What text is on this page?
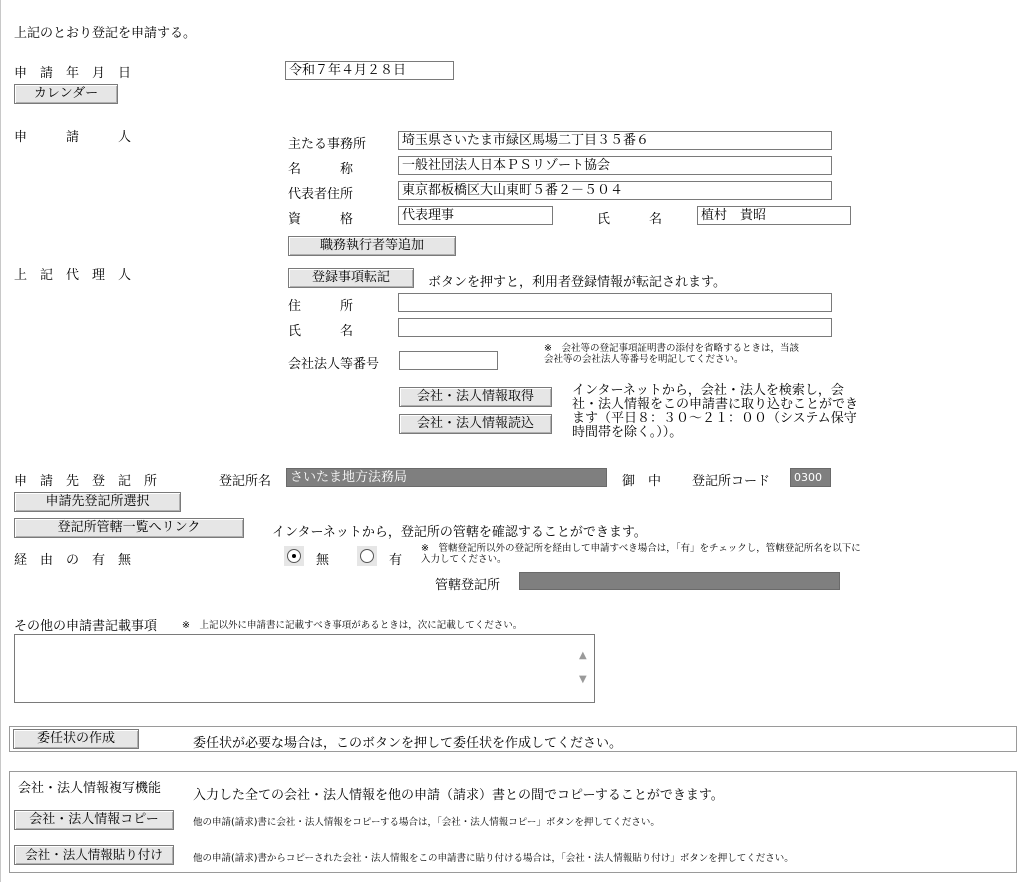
上記のとおり登記を申請する。
申　請　年　月　日	令和７年４月２８日
カレンダー
申　　　請　　　人	主たる事務所	埼玉県さいたま市緑区馬場二丁目３５番６
名　　　称	一般社団法人日本ＰＳリゾート協会
代表者住所	東京都板橋区大山東町５番２－５０４
資　　　格	代表理事	氏　　　名	植村　貴昭
職務執行者等追加
上　記　代　理　人	登録事項転記	ボタンを押すと，利用者登録情報が転記されます。
住　　　所
氏　　　名
会社法人等番号
※　会社等の登記事項証明書の添付を省略するときは，当該会社等の会社法人等番号を明記してください。
会社・法人情報取得
会社・法人情報読込
インターネットから，会社・法人を検索し，会社・法人情報をこの申請書に取り込むことができます（平日８：３０～２１：００（システム保守時間帯を除く。））。
申　請　先　登　記　所	登記所名	さいたま地方法務局	御　中 登記所コード	0300
申請先登記所選択
登記所管轄一覧へリンク	インターネットから，登記所の管轄を確認することができます。
経　由　の　有　無	無	有
※　管轄登記所以外の登記所を経由して申請すべき場合は，「有」をチェックし，管轄登記所名を以下に入力してください。
管轄登記所
その他の申請書記載事項	※　上記以外に申請書に記載すべき事項があるときは，次に記載してください。
▲
▼
委任状の作成	委任状が必要な場合は，このボタンを押して委任状を作成してください。
会社・法人情報複写機能 入力した全ての会社・法人情報を他の申請（請求）書との間でコピーすることができます。
会社・法人情報コピー	他の申請(請求)書に会社・法人情報をコピーする場合は，「会社・法人情報コピー」ボタンを押してください。
会社・法人情報貼り付け	他の申請(請求)書からコピーされた会社・法人情報をこの申請書に貼り付ける場合は，「会社・法人情報貼り付け」ボタンを押してください。
